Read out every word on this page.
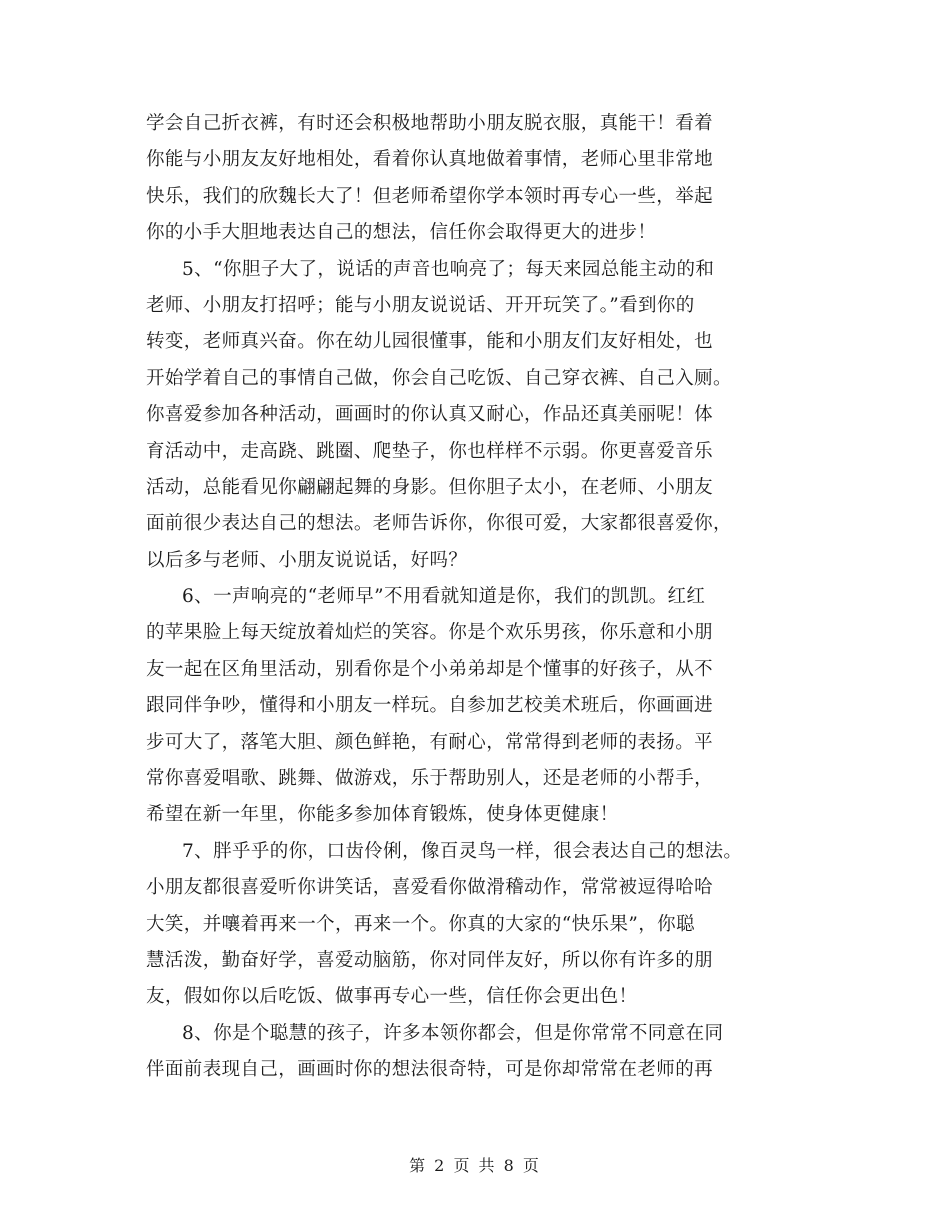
学会自己折衣裤，有时还会积极地帮助小朋友脱衣服，真能干！看着
你能与小朋友友好地相处，看着你认真地做着事情，老师心里非常地
快乐，我们的欣魏长大了！但老师希望你学本领时再专心一些，举起
你的小手大胆地表达自己的想法，信任你会取得更大的进步！
5、“你胆子大了，说话的声音也响亮了；每天来园总能主动的和
老师、小朋友打招呼；能与小朋友说说话、开开玩笑了。”看到你的
转变，老师真兴奋。你在幼儿园很懂事，能和小朋友们友好相处，也
开始学着自己的事情自己做，你会自己吃饭、自己穿衣裤、自己入厕。
你喜爱参加各种活动，画画时的你认真又耐心，作品还真美丽呢！体
育活动中，走高跷、跳圈、爬垫子，你也样样不示弱。你更喜爱音乐
活动，总能看见你翩翩起舞的身影。但你胆子太小，在老师、小朋友
面前很少表达自己的想法。老师告诉你，你很可爱，大家都很喜爱你，
以后多与老师、小朋友说说话，好吗？
6、一声响亮的“老师早”不用看就知道是你，我们的凯凯。红红
的苹果脸上每天绽放着灿烂的笑容。你是个欢乐男孩，你乐意和小朋
友一起在区角里活动，别看你是个小弟弟却是个懂事的好孩子，从不
跟同伴争吵，懂得和小朋友一样玩。自参加艺校美术班后，你画画进
步可大了，落笔大胆、颜色鲜艳，有耐心，常常得到老师的表扬。平
常你喜爱唱歌、跳舞、做游戏，乐于帮助别人，还是老师的小帮手，
希望在新一年里，你能多参加体育锻炼，使身体更健康！
7、胖乎乎的你，口齿伶俐，像百灵鸟一样，很会表达自己的想法。
小朋友都很喜爱听你讲笑话，喜爱看你做滑稽动作，常常被逗得哈哈
大笑，并嚷着再来一个，再来一个。你真的大家的“快乐果”，你聪
慧活泼，勤奋好学，喜爱动脑筋，你对同伴友好，所以你有许多的朋
友，假如你以后吃饭、做事再专心一些，信任你会更出色！
8、你是个聪慧的孩子，许多本领你都会，但是你常常不同意在同
伴面前表现自己，画画时你的想法很奇特，可是你却常常在老师的再
第 2 页 共 8 页
